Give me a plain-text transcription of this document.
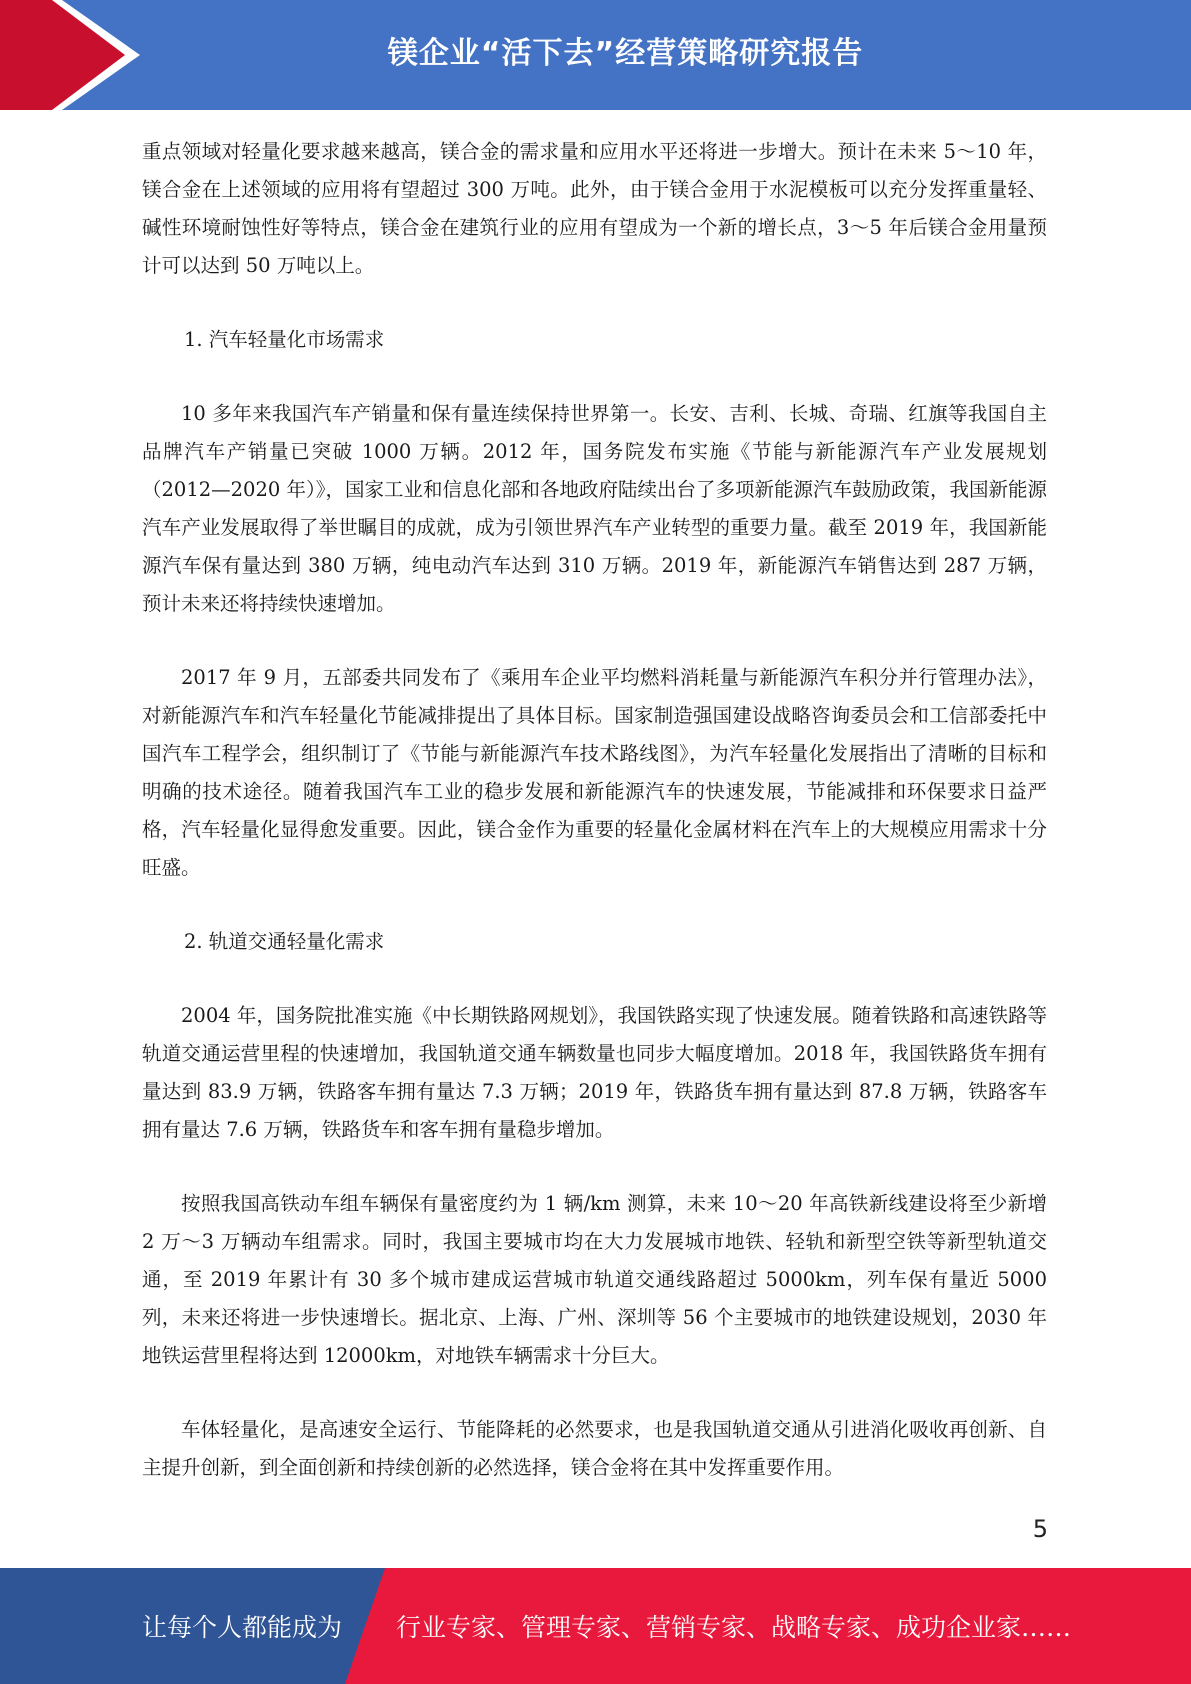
镁企业“活下去”经营策略研究报告

重点领域对轻量化要求越来越高，镁合金的需求量和应用水平还将进一步增大。预计在未来 5～10 年，镁合金在上述领域的应用将有望超过 300 万吨。此外，由于镁合金用于水泥模板可以充分发挥重量轻、碱性环境耐蚀性好等特点，镁合金在建筑行业的应用有望成为一个新的增长点，3～5 年后镁合金用量预计可以达到 50 万吨以上。

1. 汽车轻量化市场需求

10 多年来我国汽车产销量和保有量连续保持世界第一。长安、吉利、长城、奇瑞、红旗等我国自主品牌汽车产销量已突破 1000 万辆。2012 年，国务院发布实施《节能与新能源汽车产业发展规划（2012—2020 年）》，国家工业和信息化部和各地政府陆续出台了多项新能源汽车鼓励政策，我国新能源汽车产业发展取得了举世瞩目的成就，成为引领世界汽车产业转型的重要力量。截至 2019 年，我国新能源汽车保有量达到 380 万辆，纯电动汽车达到 310 万辆。2019 年，新能源汽车销售达到 287 万辆，预计未来还将持续快速增加。

2017 年 9 月，五部委共同发布了《乘用车企业平均燃料消耗量与新能源汽车积分并行管理办法》，对新能源汽车和汽车轻量化节能减排提出了具体目标。国家制造强国建设战略咨询委员会和工信部委托中国汽车工程学会，组织制订了《节能与新能源汽车技术路线图》，为汽车轻量化发展指出了清晰的目标和明确的技术途径。随着我国汽车工业的稳步发展和新能源汽车的快速发展，节能减排和环保要求日益严格，汽车轻量化显得愈发重要。因此，镁合金作为重要的轻量化金属材料在汽车上的大规模应用需求十分旺盛。

2. 轨道交通轻量化需求

2004 年，国务院批准实施《中长期铁路网规划》，我国铁路实现了快速发展。随着铁路和高速铁路等轨道交通运营里程的快速增加，我国轨道交通车辆数量也同步大幅度增加。2018 年，我国铁路货车拥有量达到 83.9 万辆，铁路客车拥有量达 7.3 万辆；2019 年，铁路货车拥有量达到 87.8 万辆，铁路客车拥有量达 7.6 万辆，铁路货车和客车拥有量稳步增加。

按照我国高铁动车组车辆保有量密度约为 1 辆/km 测算，未来 10～20 年高铁新线建设将至少新增 2 万～3 万辆动车组需求。同时，我国主要城市均在大力发展城市地铁、轻轨和新型空铁等新型轨道交通，至 2019 年累计有 30 多个城市建成运营城市轨道交通线路超过 5000km，列车保有量近 5000 列，未来还将进一步快速增长。据北京、上海、广州、深圳等 56 个主要城市的地铁建设规划，2030 年地铁运营里程将达到 12000km，对地铁车辆需求十分巨大。

车体轻量化，是高速安全运行、节能降耗的必然要求，也是我国轨道交通从引进消化吸收再创新、自主提升创新，到全面创新和持续创新的必然选择，镁合金将在其中发挥重要作用。

5
让每个人都能成为 行业专家、管理专家、营销专家、战略专家、成功企业家……
